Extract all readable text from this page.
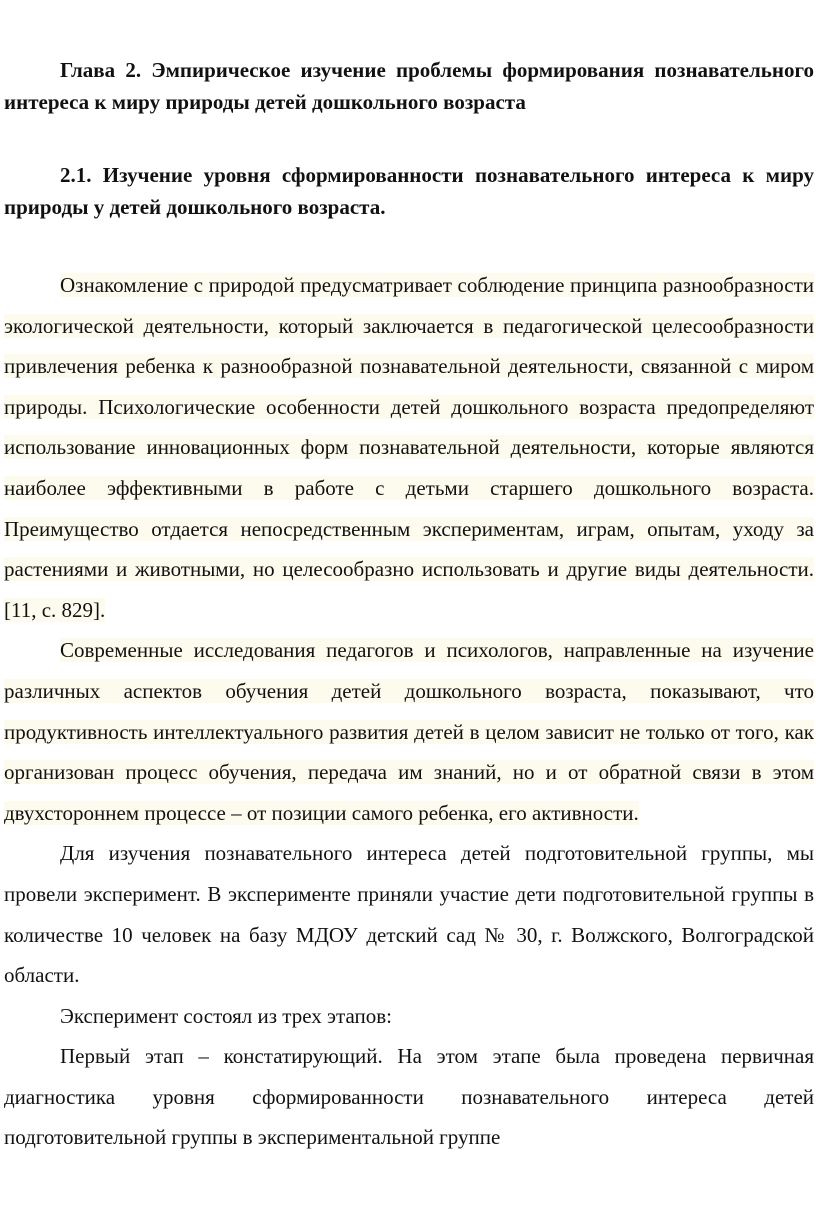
Глава 2. Эмпирическое изучение проблемы формирования познавательного интереса к миру природы детей дошкольного возраста
2.1. Изучение уровня сформированности познавательного интереса к миру природы у детей дошкольного возраста.

Ознакомление с природой предусматривает соблюдение принципа разнообразности экологической деятельности, который заключается в педагогической целесообразности привлечения ребенка к разнообразной познавательной деятельности, связанной с миром природы. Психологические особенности детей дошкольного возраста предопределяют использование инновационных форм познавательной деятельности, которые являются наиболее эффективными в работе с детьми старшего дошкольного возраста. Преимущество отдается непосредственным экспериментам, играм, опытам, уходу за растениями и животными, но целесообразно использовать и другие виды деятельности.[11, с. 829].

Современные исследования педагогов и психологов, направленные на изучение различных аспектов обучения детей дошкольного возраста, показывают, что продуктивность интеллектуального развития детей в целом зависит не только от того, как организован процесс обучения, передача им знаний, но и от обратной связи в этом двухстороннем процессе – от позиции самого ребенка, его активности.

Для изучения познавательного интереса детей подготовительной группы, мы провели эксперимент. В эксперименте приняли участие дети подготовительной группы в количестве 10 человек на базу МДОУ детский сад № 30, г. Волжского, Волгоградской области.

Эксперимент состоял из трех этапов:

Первый этап – констатирующий. На этом этапе была проведена первичная диагностика уровня сформированности познавательного интереса детей подготовительной группы в экспериментальной группе
